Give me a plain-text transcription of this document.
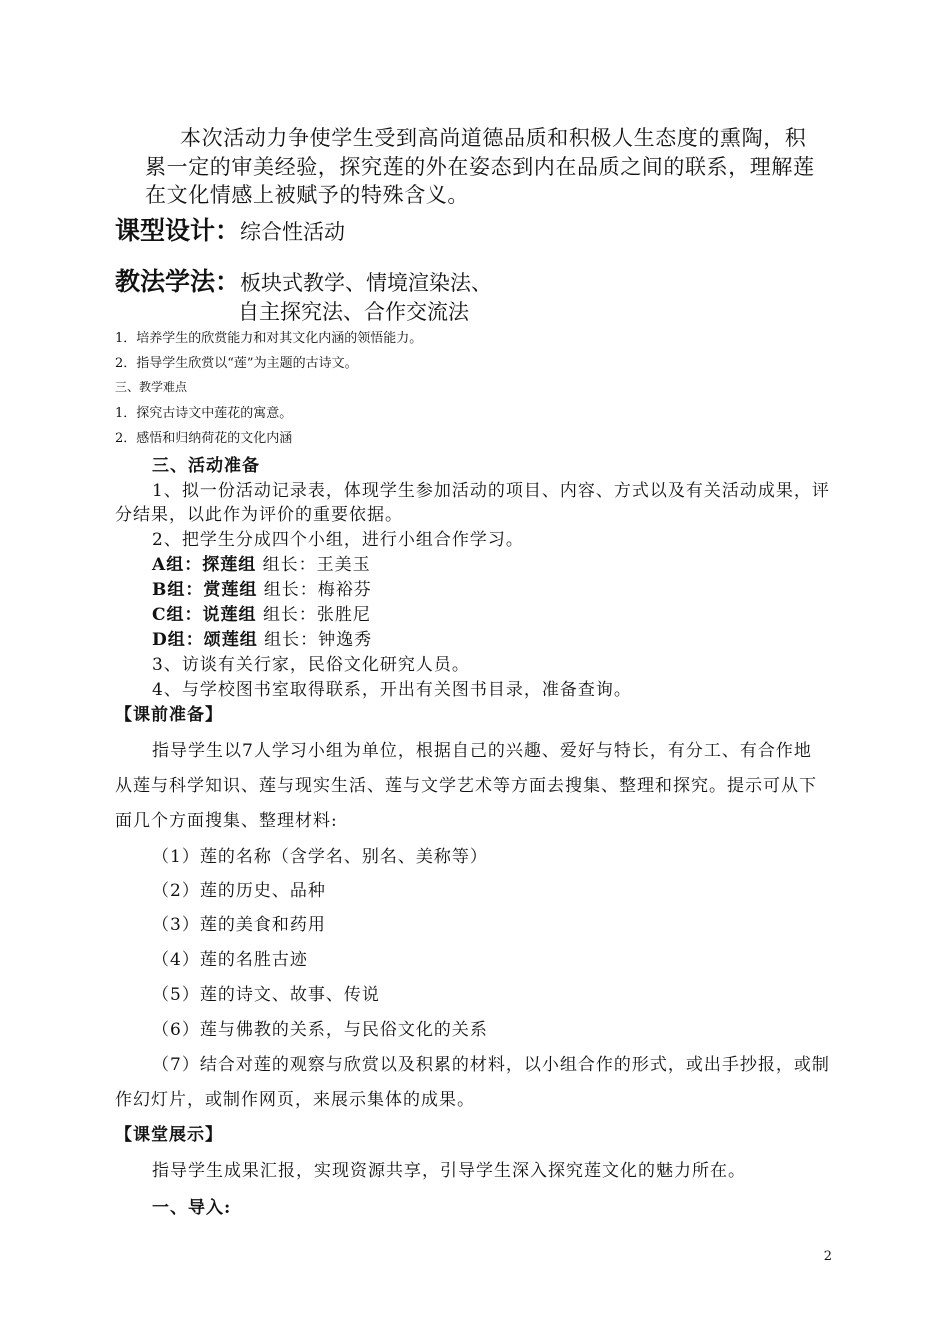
本次活动力争使学生受到高尚道德品质和积极人生态度的熏陶，积
累一定的审美经验，探究莲的外在姿态到内在品质之间的联系，理解莲
在文化情感上被赋予的特殊含义。
课型设计：综合性活动
教法学法：板块式教学、情境渲染法、
自主探究法、合作交流法
1．培养学生的欣赏能力和对其文化内涵的领悟能力。
2．指导学生欣赏以“莲”为主题的古诗文。
三、教学难点
1．探究古诗文中莲花的寓意。
2．感悟和归纳荷花的文化内涵
三、活动准备
1、拟一份活动记录表，体现学生参加活动的项目、内容、方式以及有关活动成果，评
分结果，以此作为评价的重要依据。
2、把学生分成四个小组，进行小组合作学习。
A组：探莲组 组长：王美玉
B组：赏莲组 组长：梅裕芬
C组：说莲组 组长：张胜尼
D组：颂莲组 组长：钟逸秀
3、访谈有关行家，民俗文化研究人员。
4、与学校图书室取得联系，开出有关图书目录，准备查询。
【课前准备】
指导学生以7人学习小组为单位，根据自己的兴趣、爱好与特长，有分工、有合作地
从莲与科学知识、莲与现实生活、莲与文学艺术等方面去搜集、整理和探究。提示可从下
面几个方面搜集、整理材料:
（1）莲的名称（含学名、别名、美称等）
（2）莲的历史、品种
（3）莲的美食和药用
（4）莲的名胜古迹
（5）莲的诗文、故事、传说
（6）莲与佛教的关系，与民俗文化的关系
（7）结合对莲的观察与欣赏以及积累的材料，以小组合作的形式，或出手抄报，或制
作幻灯片，或制作网页，来展示集体的成果。
【课堂展示】
指导学生成果汇报，实现资源共享，引导学生深入探究莲文化的魅力所在。
一、导入:
2
